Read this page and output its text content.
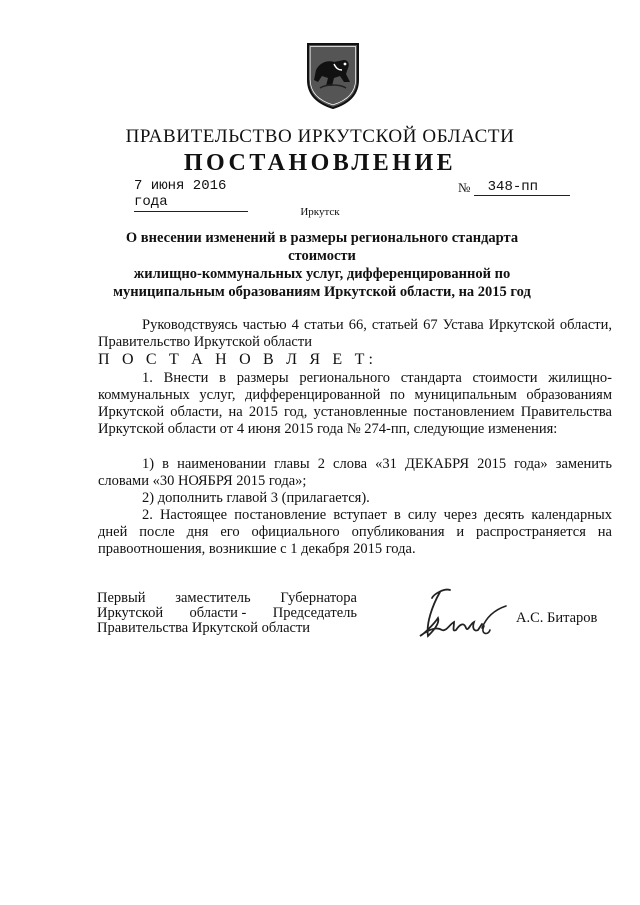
ПРАВИТЕЛЬСТВО ИРКУТСКОЙ ОБЛАСТИ
ПОСТАНОВЛЕНИЕ
7 июня 2016 года
№ 348-пп
Иркутск
О внесении изменений в размеры регионального стандарта стоимости
жилищно-коммунальных услуг, дифференцированной по
муниципальным образованиям Иркутской области, на 2015 год
Руководствуясь частью 4 статьи 66, статьей 67 Устава Иркутской области, Правительство Иркутской области
П О С Т А Н О В Л Я Е Т:
1. Внести в размеры регионального стандарта стоимости жилищно-коммунальных услуг, дифференцированной по муниципальным образованиям Иркутской области, на 2015 год, установленные постановлением Правительства Иркутской области от 4 июня 2015 года № 274-пп, следующие изменения:
1) в наименовании главы 2 слова «31 ДЕКАБРЯ 2015 года» заменить словами «30 НОЯБРЯ 2015 года»;
2) дополнить главой 3 (прилагается).
2. Настоящее постановление вступает в силу через десять календарных дней после дня его официального опубликования и распространяется на правоотношения, возникшие с 1 декабря 2015 года.
Первый заместитель Губернатора
Иркутской области - Председатель
Правительства Иркутской области
А.С. Битаров
